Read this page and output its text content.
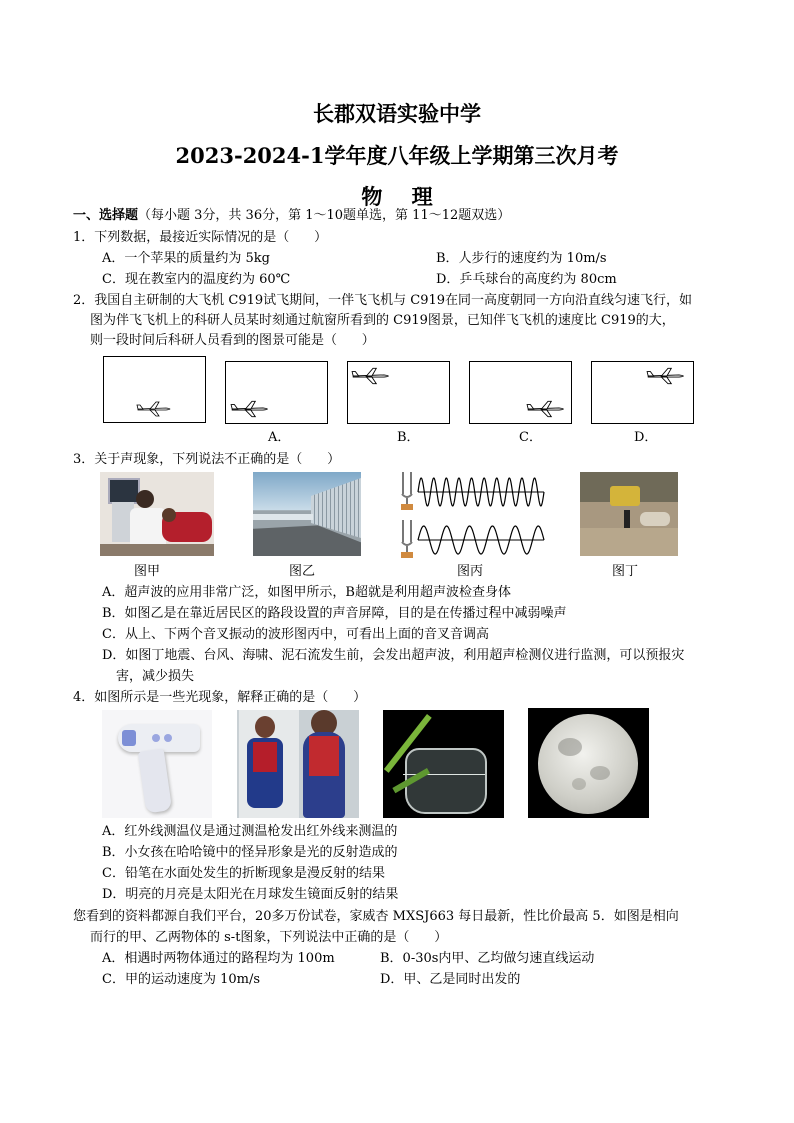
长郡双语实验中学
2023-2024-1学年度八年级上学期第三次月考
物    理
一、选择题（每小题 3分，共 36分，第 1～10题单选，第 11～12题双选）
1．下列数据，最接近实际情况的是（      ）
A．一个苹果的质量约为 5kg	B．人步行的速度约为 10m/s
C．现在教室内的温度约为 60℃	D．乒乓球台的高度约为 80cm
2．我国自主研制的大飞机 C919试飞期间，一伴飞飞机与 C919在同一高度朝同一方向沿直线匀速飞行，如
图为伴飞飞机上的科研人员某时刻通过航窗所看到的 C919图景，已知伴飞飞机的速度比 C919的大，
则一段时间后科研人员看到的图景可能是（      ）
A．	B．	C．	D．
3．关于声现象，下列说法不正确的是（      ）
图甲	图乙	图丙	图丁
A．超声波的应用非常广泛，如图甲所示，B超就是利用超声波检查身体
B．如图乙是在靠近居民区的路段设置的声音屏障，目的是在传播过程中减弱噪声
C．从上、下两个音叉振动的波形图丙中，可看出上面的音叉音调高
D．如图丁地震、台风、海啸、泥石流发生前，会发出超声波，利用超声检测仪进行监测，可以预报灾
害，减少损失
4．如图所示是一些光现象，解释正确的是（      ）
A．红外线测温仪是通过测温枪发出红外线来测温的
B．小女孩在哈哈镜中的怪异形象是光的反射造成的
C．铅笔在水面处发生的折断现象是漫反射的结果
D．明亮的月亮是太阳光在月球发生镜面反射的结果
您看到的资料都源自我们平台，20多万份试卷，家威杏 MXSJ663 每日最新，性比价最高 5．如图是相向
而行的甲、乙两物体的 s-t图象，下列说法中正确的是（      ）
A．相遇时两物体通过的路程均为 100m	B．0-30s内甲、乙均做匀速直线运动
C．甲的运动速度为 10m/s	D．甲、乙是同时出发的
